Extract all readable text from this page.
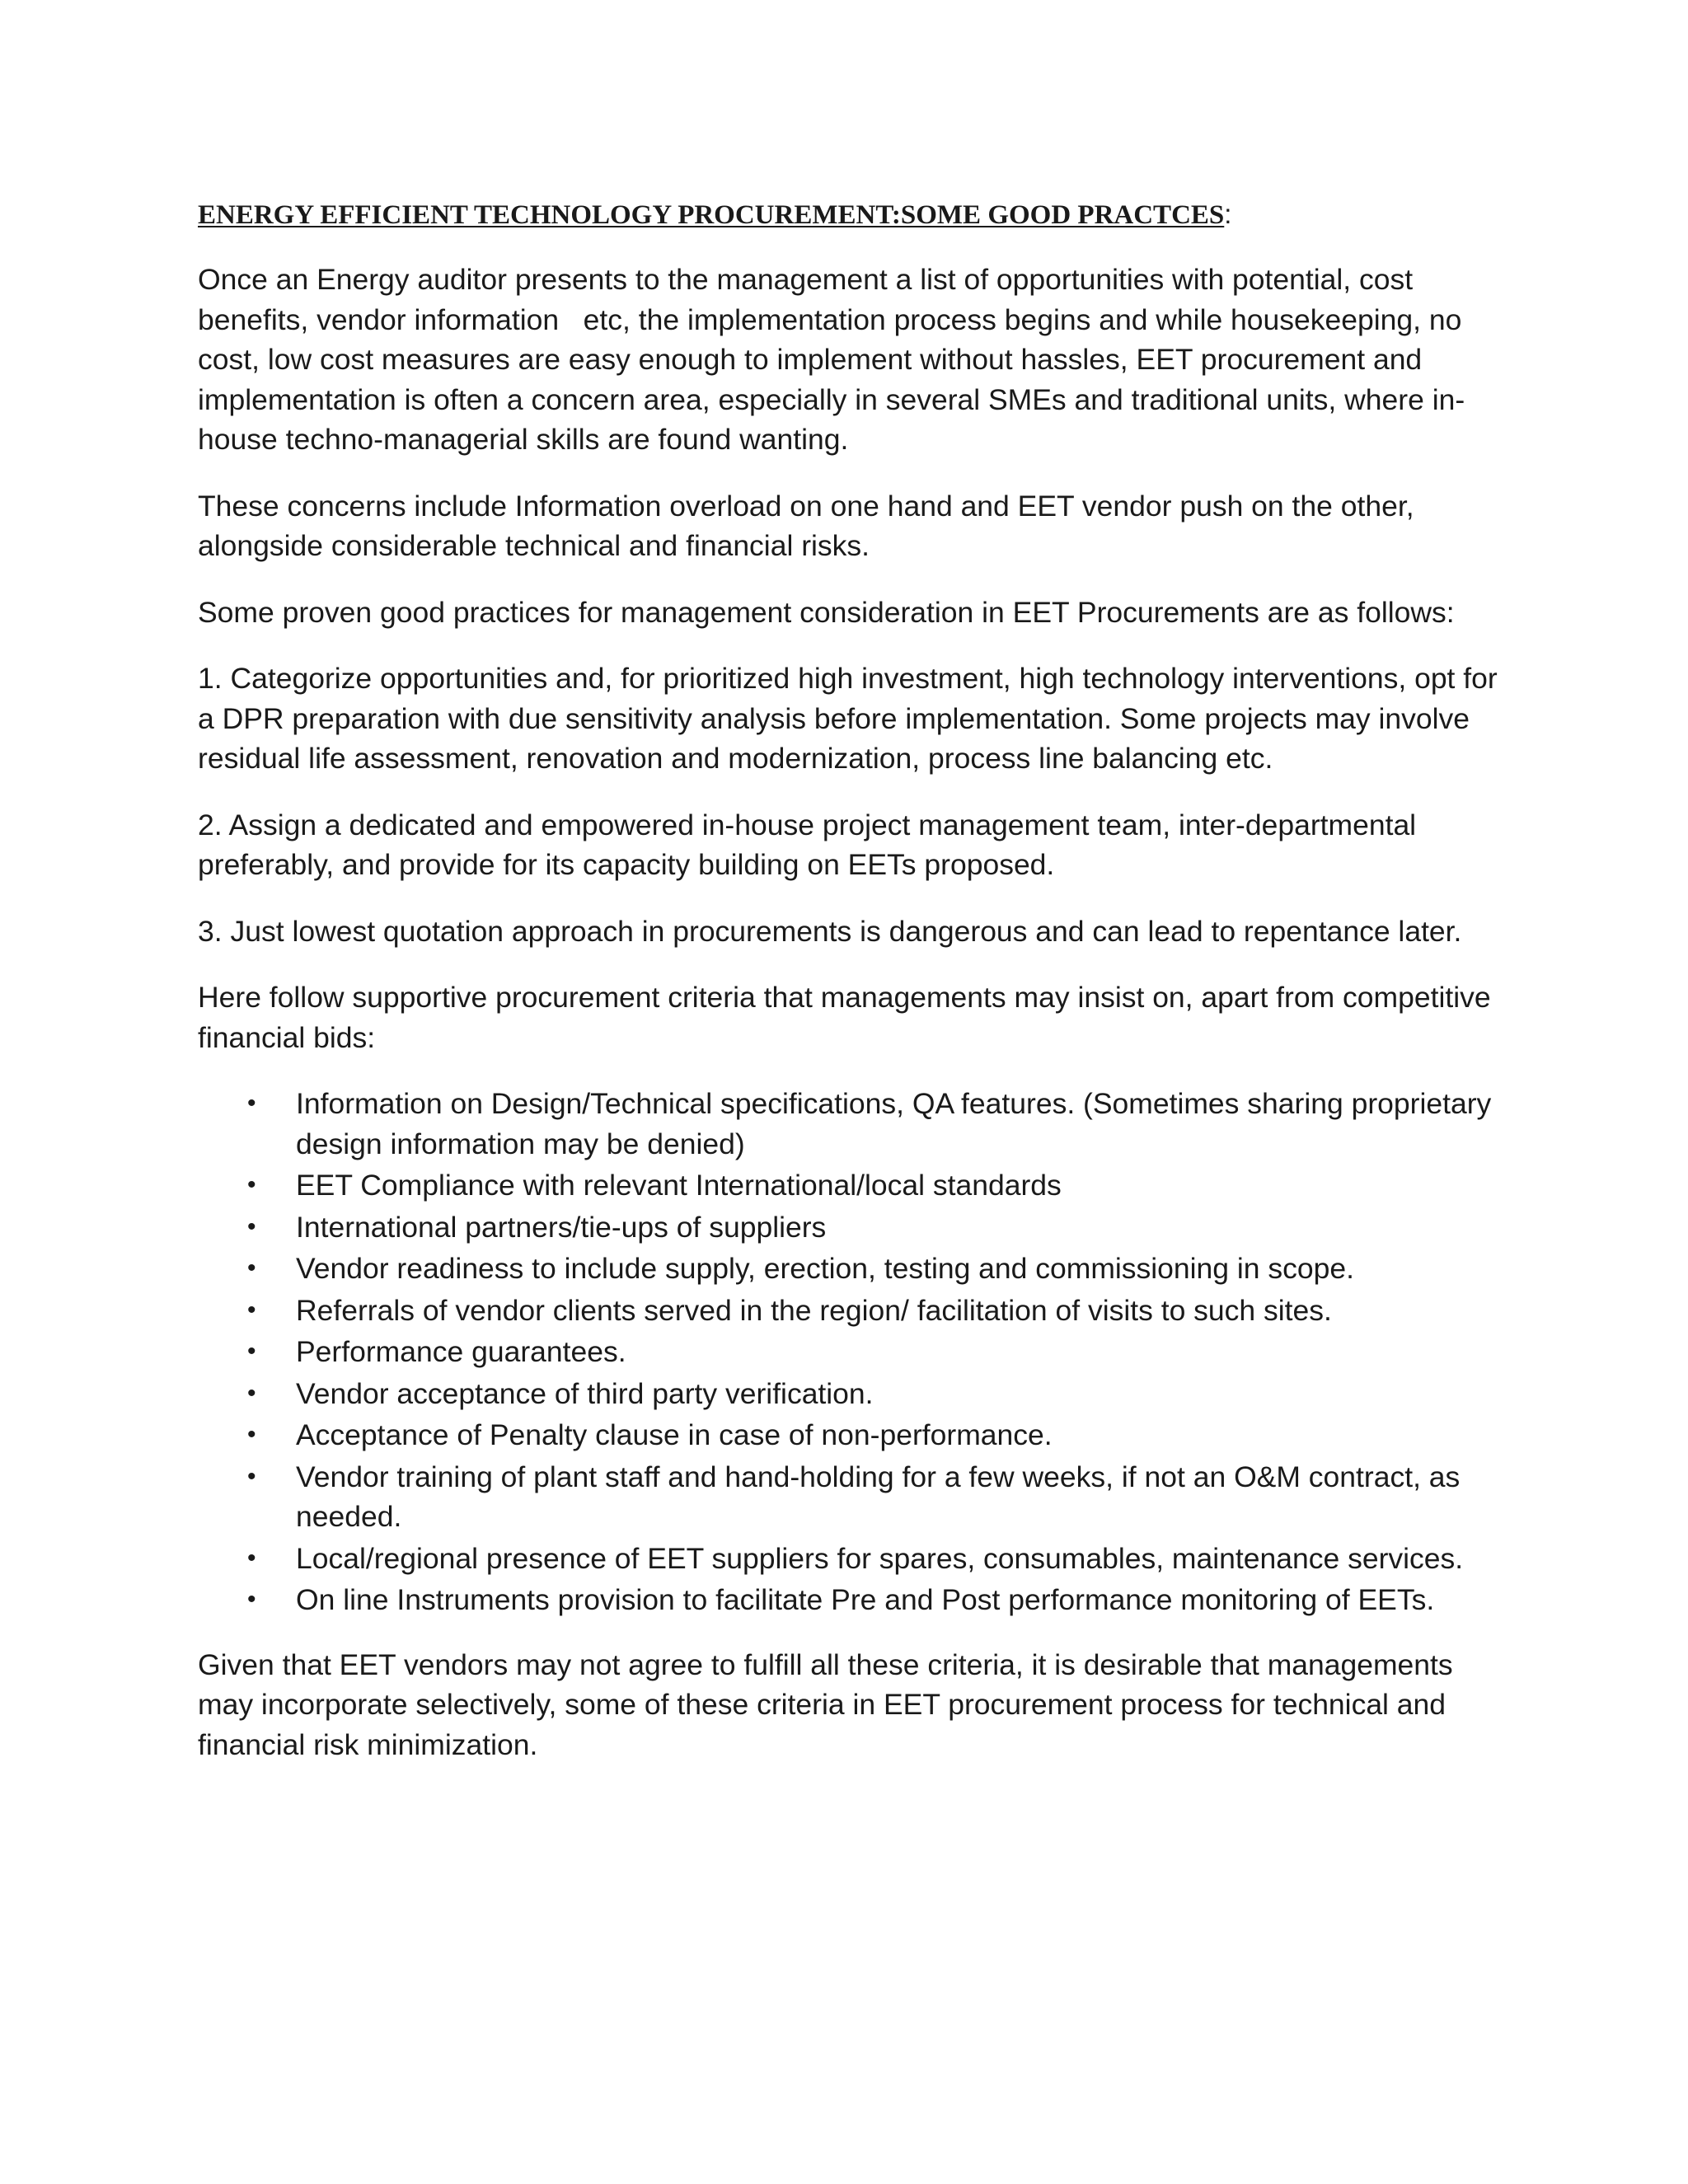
ENERGY EFFICIENT TECHNOLOGY PROCUREMENT:SOME GOOD PRACTCES:

Once an Energy auditor presents to the management a list of opportunities with potential, cost benefits, vendor information   etc, the implementation process begins and while housekeeping, no cost, low cost measures are easy enough to implement without hassles, EET procurement and implementation is often a concern area, especially in several SMEs and traditional units, where in- house techno-managerial skills are found wanting.

These concerns include Information overload on one hand and EET vendor push on the other, alongside considerable technical and financial risks.

Some proven good practices for management consideration in EET Procurements are as follows:

1. Categorize opportunities and, for prioritized high investment, high technology interventions, opt for a DPR preparation with due sensitivity analysis before implementation. Some projects may involve residual life assessment, renovation and modernization, process line balancing etc.

2. Assign a dedicated and empowered in-house project management team, inter-departmental preferably, and provide for its capacity building on EETs proposed.

3. Just lowest quotation approach in procurements is dangerous and can lead to repentance later.

Here follow supportive procurement criteria that managements may insist on, apart from competitive financial bids:

• Information on Design/Technical specifications, QA features. (Sometimes sharing proprietary design information may be denied)
• EET Compliance with relevant International/local standards
• International partners/tie-ups of suppliers
• Vendor readiness to include supply, erection, testing and commissioning in scope.
• Referrals of vendor clients served in the region/ facilitation of visits to such sites.
• Performance guarantees.
• Vendor acceptance of third party verification.
• Acceptance of Penalty clause in case of non-performance.
• Vendor training of plant staff and hand-holding for a few weeks, if not an O&M contract, as needed.
• Local/regional presence of EET suppliers for spares, consumables, maintenance services.
• On line Instruments provision to facilitate Pre and Post performance monitoring of EETs.

Given that EET vendors may not agree to fulfill all these criteria, it is desirable that managements may incorporate selectively, some of these criteria in EET procurement process for technical and financial risk minimization.
